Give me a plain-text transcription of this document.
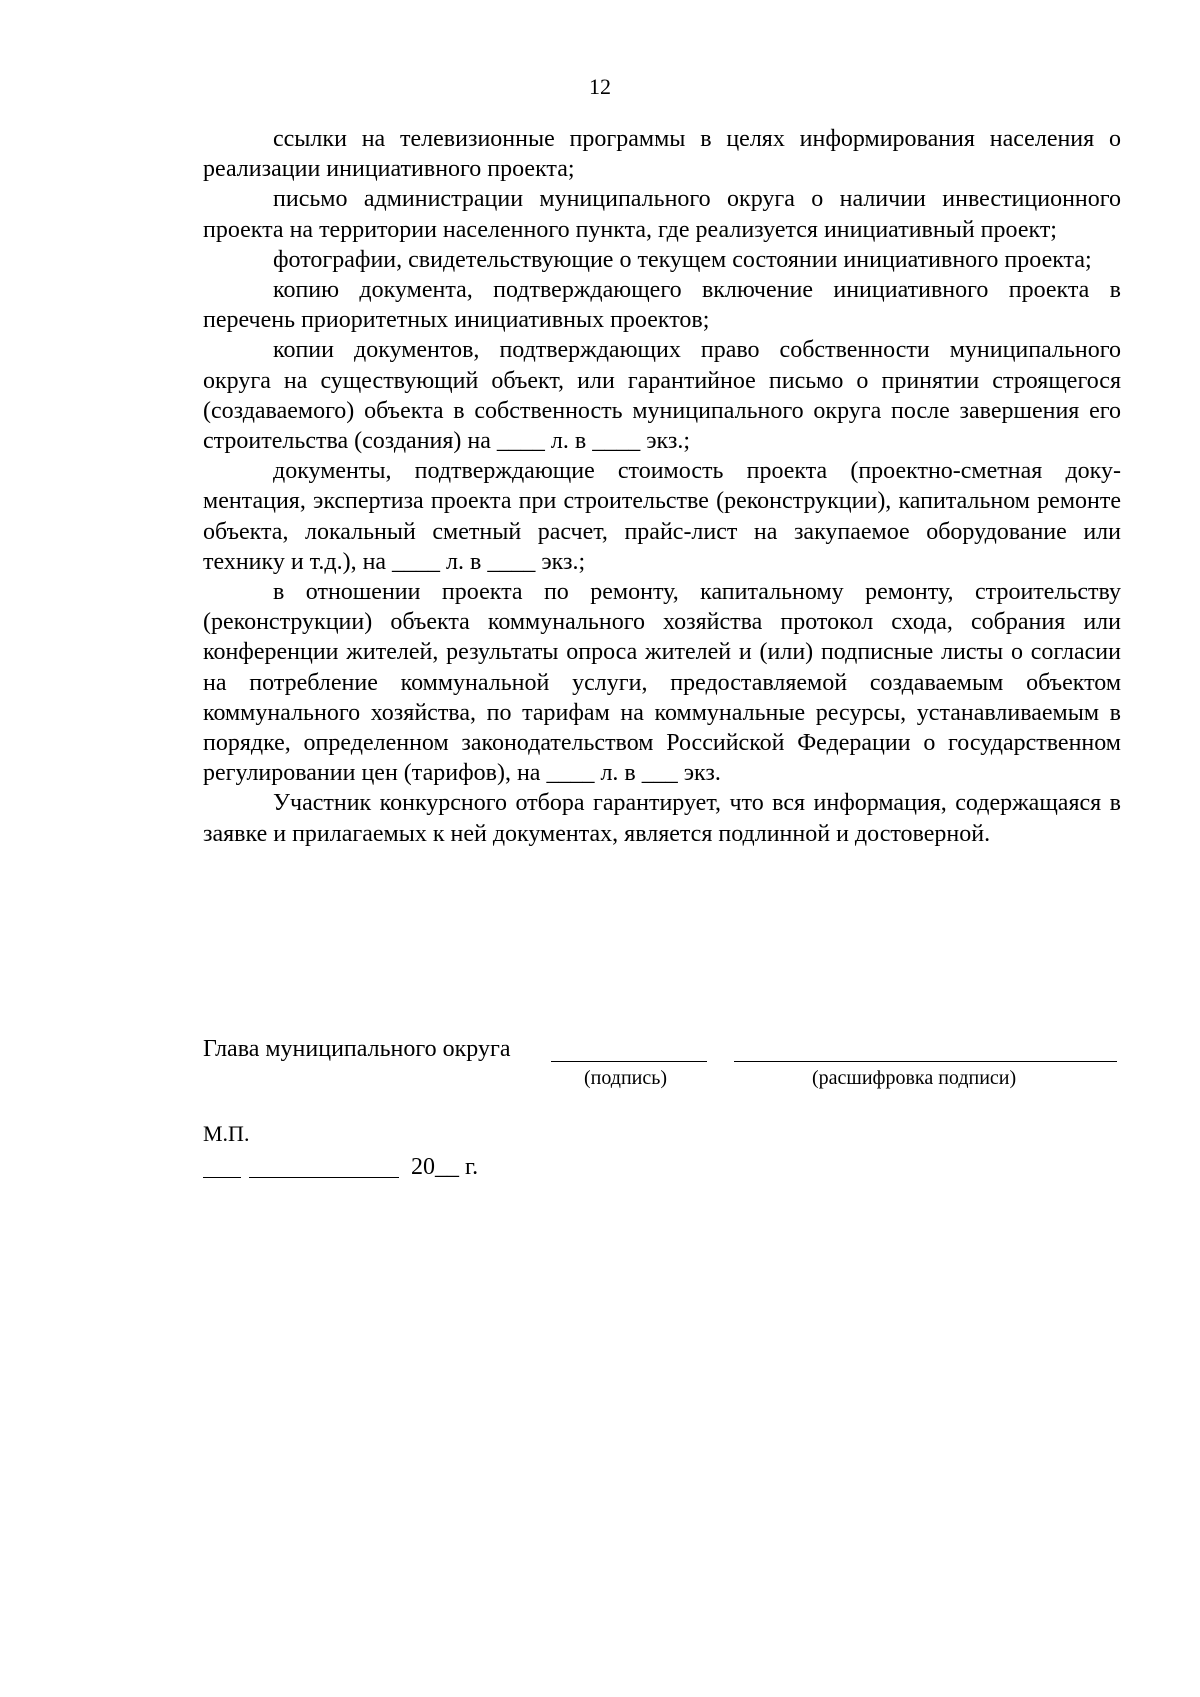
12

ссылки на телевизионные программы в целях информирования населения о реализации инициативного проекта;

письмо администрации муниципального округа о наличии инвестиционного проекта на территории населенного пункта, где реализуется инициативный проект;

фотографии, свидетельствующие о текущем состоянии инициативного проекта;

копию документа, подтверждающего включение инициативного проекта в перечень приоритетных инициативных проектов;

копии документов, подтверждающих право собственности муниципального округа на существующий объект, или гарантийное письмо о принятии строящегося (создаваемого) объекта в собственность муниципального округа после завершения его строительства (создания) на ____ л. в ____ экз.;

документы, подтверждающие стоимость проекта (проектно-сметная документация, экспертиза проекта при строительстве (реконструкции), капитальном ремонте объекта, локальный сметный расчет, прайс-лист на закупаемое оборудование или технику и т.д.), на ____ л. в ____ экз.;

в отношении проекта по ремонту, капитальному ремонту, строительству (реконструкции) объекта коммунального хозяйства протокол схода, собрания или конференции жителей, результаты опроса жителей и (или) подписные листы о согласии на потребление коммунальной услуги, предоставляемой создаваемым объектом коммунального хозяйства, по тарифам на коммунальные ресурсы, устанавливаемым в порядке, определенном законодательством Российской Федерации о государственном регулировании цен (тарифов), на ____ л. в ___ экз.

Участник конкурсного отбора гарантирует, что вся информация, содержащаяся в заявке и прилагаемых к ней документах, является подлинной и достоверной.

Глава муниципального округа
(подпись)	(расшифровка подписи)
М.П.
20__ г.
